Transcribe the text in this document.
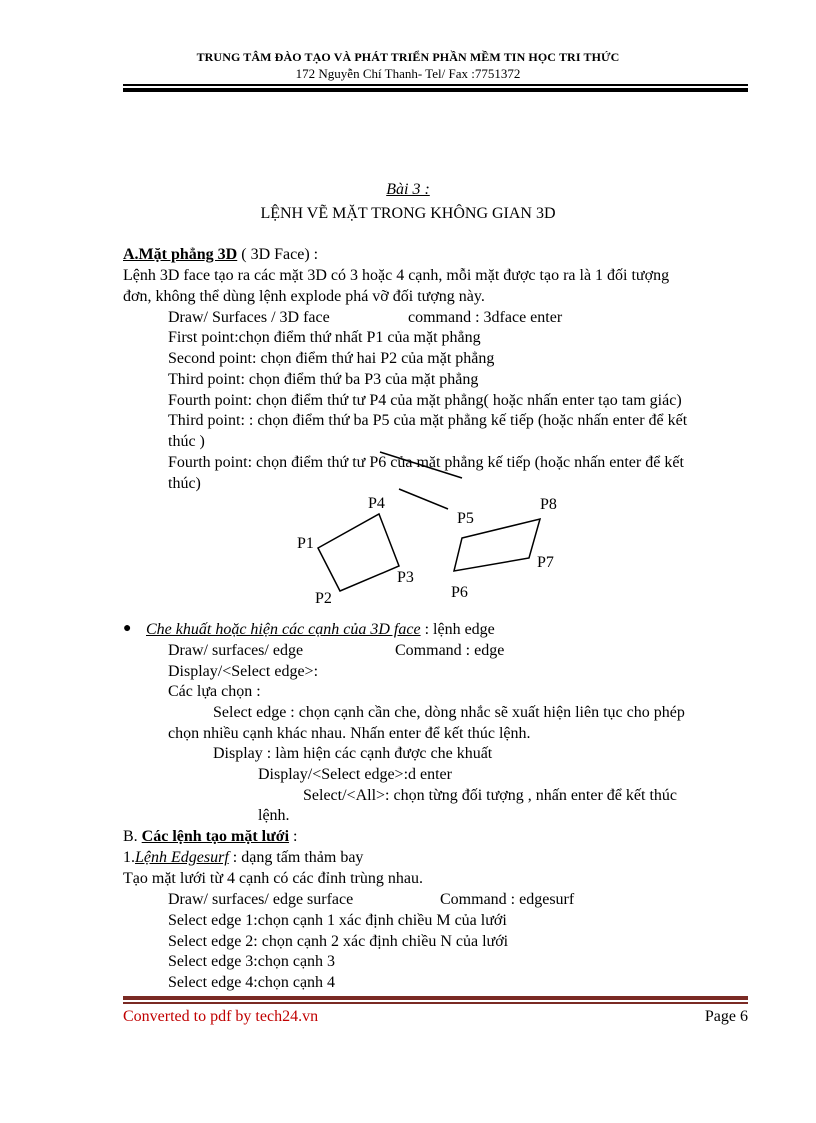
TRUNG TÂM ĐÀO TẠO VÀ PHÁT TRIỂN PHẦN MỀM TIN HỌC TRI THỨC
172 Nguyễn Chí Thanh- Tel/ Fax :7751372
Bài 3 :
LỆNH VẼ MẶT TRONG KHÔNG GIAN 3D
A.Mặt phẳng 3D ( 3D Face) :
Lệnh 3D face tạo ra các mặt 3D có 3 hoặc 4 cạnh, mỗi mặt được tạo ra là 1 đối tượng
đơn, không thể dùng lệnh explode phá vỡ đối tượng này.
Draw/ Surfaces / 3D face	command : 3dface enter
First point:chọn điểm thứ nhất P1 của mặt phẳng
Second point: chọn điểm thứ hai P2 của mặt phẳng
Third point: chọn điểm thứ ba P3 của mặt phẳng
Fourth point: chọn điểm thứ tư P4 của mặt phẳng( hoặc nhấn enter tạo tam giác)
Third point: : chọn điểm thứ ba P5 của mặt phẳng kế tiếp (hoặc nhấn enter để kết
thúc )
Fourth point: chọn điểm thứ tư P6 của mặt phẳng kế tiếp (hoặc nhấn enter để kết
thúc)
P4
P1
P2
P3
P5
P6
P8
P7
● Che khuất hoặc hiện các cạnh của 3D face : lệnh edge
Draw/ surfaces/ edge	Command : edge
Display/<Select edge>:
Các lựa chọn :
Select edge : chọn cạnh cần che, dòng nhắc sẽ xuất hiện liên tục cho phép
chọn nhiều cạnh khác nhau. Nhấn enter để kết thúc lệnh.
Display : làm hiện các cạnh được che khuất
Display/<Select edge>:d enter
Select/<All>: chọn từng đối tượng , nhấn enter để kết thúc
lệnh.
B. Các lệnh tạo mặt lưới :
1.Lệnh Edgesurf : dạng tấm thảm bay
Tạo mặt lưới từ 4 cạnh có các đỉnh trùng nhau.
Draw/ surfaces/ edge surface	Command : edgesurf
Select edge 1:chọn cạnh 1 xác định chiều M của lưới
Select edge 2: chọn cạnh 2 xác định chiều N của lưới
Select edge 3:chọn cạnh 3
Select edge 4:chọn cạnh 4
Converted to pdf by tech24.vn	Page 6
